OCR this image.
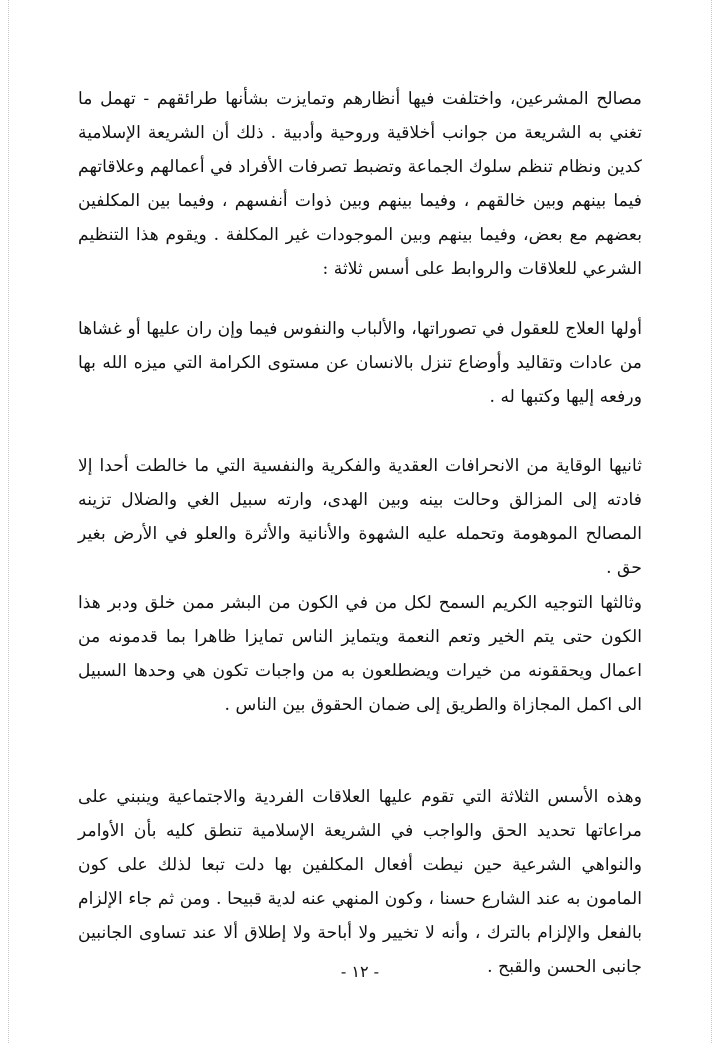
مصالح المشرعين، واختلفت فيها أنظارهم وتمايزت بشأنها طرائقهم - تهمل ما تغني به الشريعة من جوانب أخلاقية وروحية وأدبية . ذلك أن الشريعة الإسلامية كدين ونظام تنظم سلوك الجماعة وتضبط تصرفات الأفراد في أعمالهم وعلاقاتهم فيما بينهم وبين خالقهم ، وفيما بينهم وبين ذوات أنفسهم ، وفيما بين المكلفين بعضهم مع بعض، وفيما بينهم وبين الموجودات غير المكلفة . ويقوم هذا التنظيم الشرعي للعلاقات والروابط على أسس ثلاثة :

أولها العلاج للعقول في تصوراتها، والألباب والنفوس فيما وإن ران عليها أو غشاها من عادات وتقاليد وأوضاع تنزل بالانسان عن مستوى الكرامة التي ميزه الله بها ورفعه إليها وكتبها له .

ثانيها الوقاية من الانحرافات العقدية والفكرية والنفسية التي ما خالطت أحدا إلا فادته إلى المزالق وحالت بينه وبين الهدى، وارته سبيل الغي والضلال تزينه المصالح الموهومة وتحمله عليه الشهوة والأنانية والأثرة والعلو في الأرض بغير حق .

وثالثها التوجيه الكريم السمح لكل من في الكون من البشر ممن خلق ودبر هذا الكون حتى يتم الخير وتعم النعمة ويتمايز الناس تمايزا ظاهرا بما قدمونه من اعمال ويحققونه من خيرات ويضطلعون به من واجبات تكون هي وحدها السبيل الى اكمل المجازاة والطريق إلى ضمان الحقوق بين الناس .

وهذه الأسس الثلاثة التي تقوم عليها العلاقات الفردية والاجتماعية وينبني على مراعاتها تحديد الحق والواجب في الشريعة الإسلامية تنطق كليه بأن الأوامر والنواهي الشرعية حين نيطت أفعال المكلفين بها دلت تبعا لذلك على كون المامون به عند الشارع حسنا ، وكون المنهي عنه لدية قبيحا . ومن ثم جاء الإلزام بالفعل والإلزام بالترك ، وأنه لا تخيير ولا أباحة ولا إطلاق ألا عند تساوى الجانبين جانبى الحسن والقبح .

- ١٢ -
